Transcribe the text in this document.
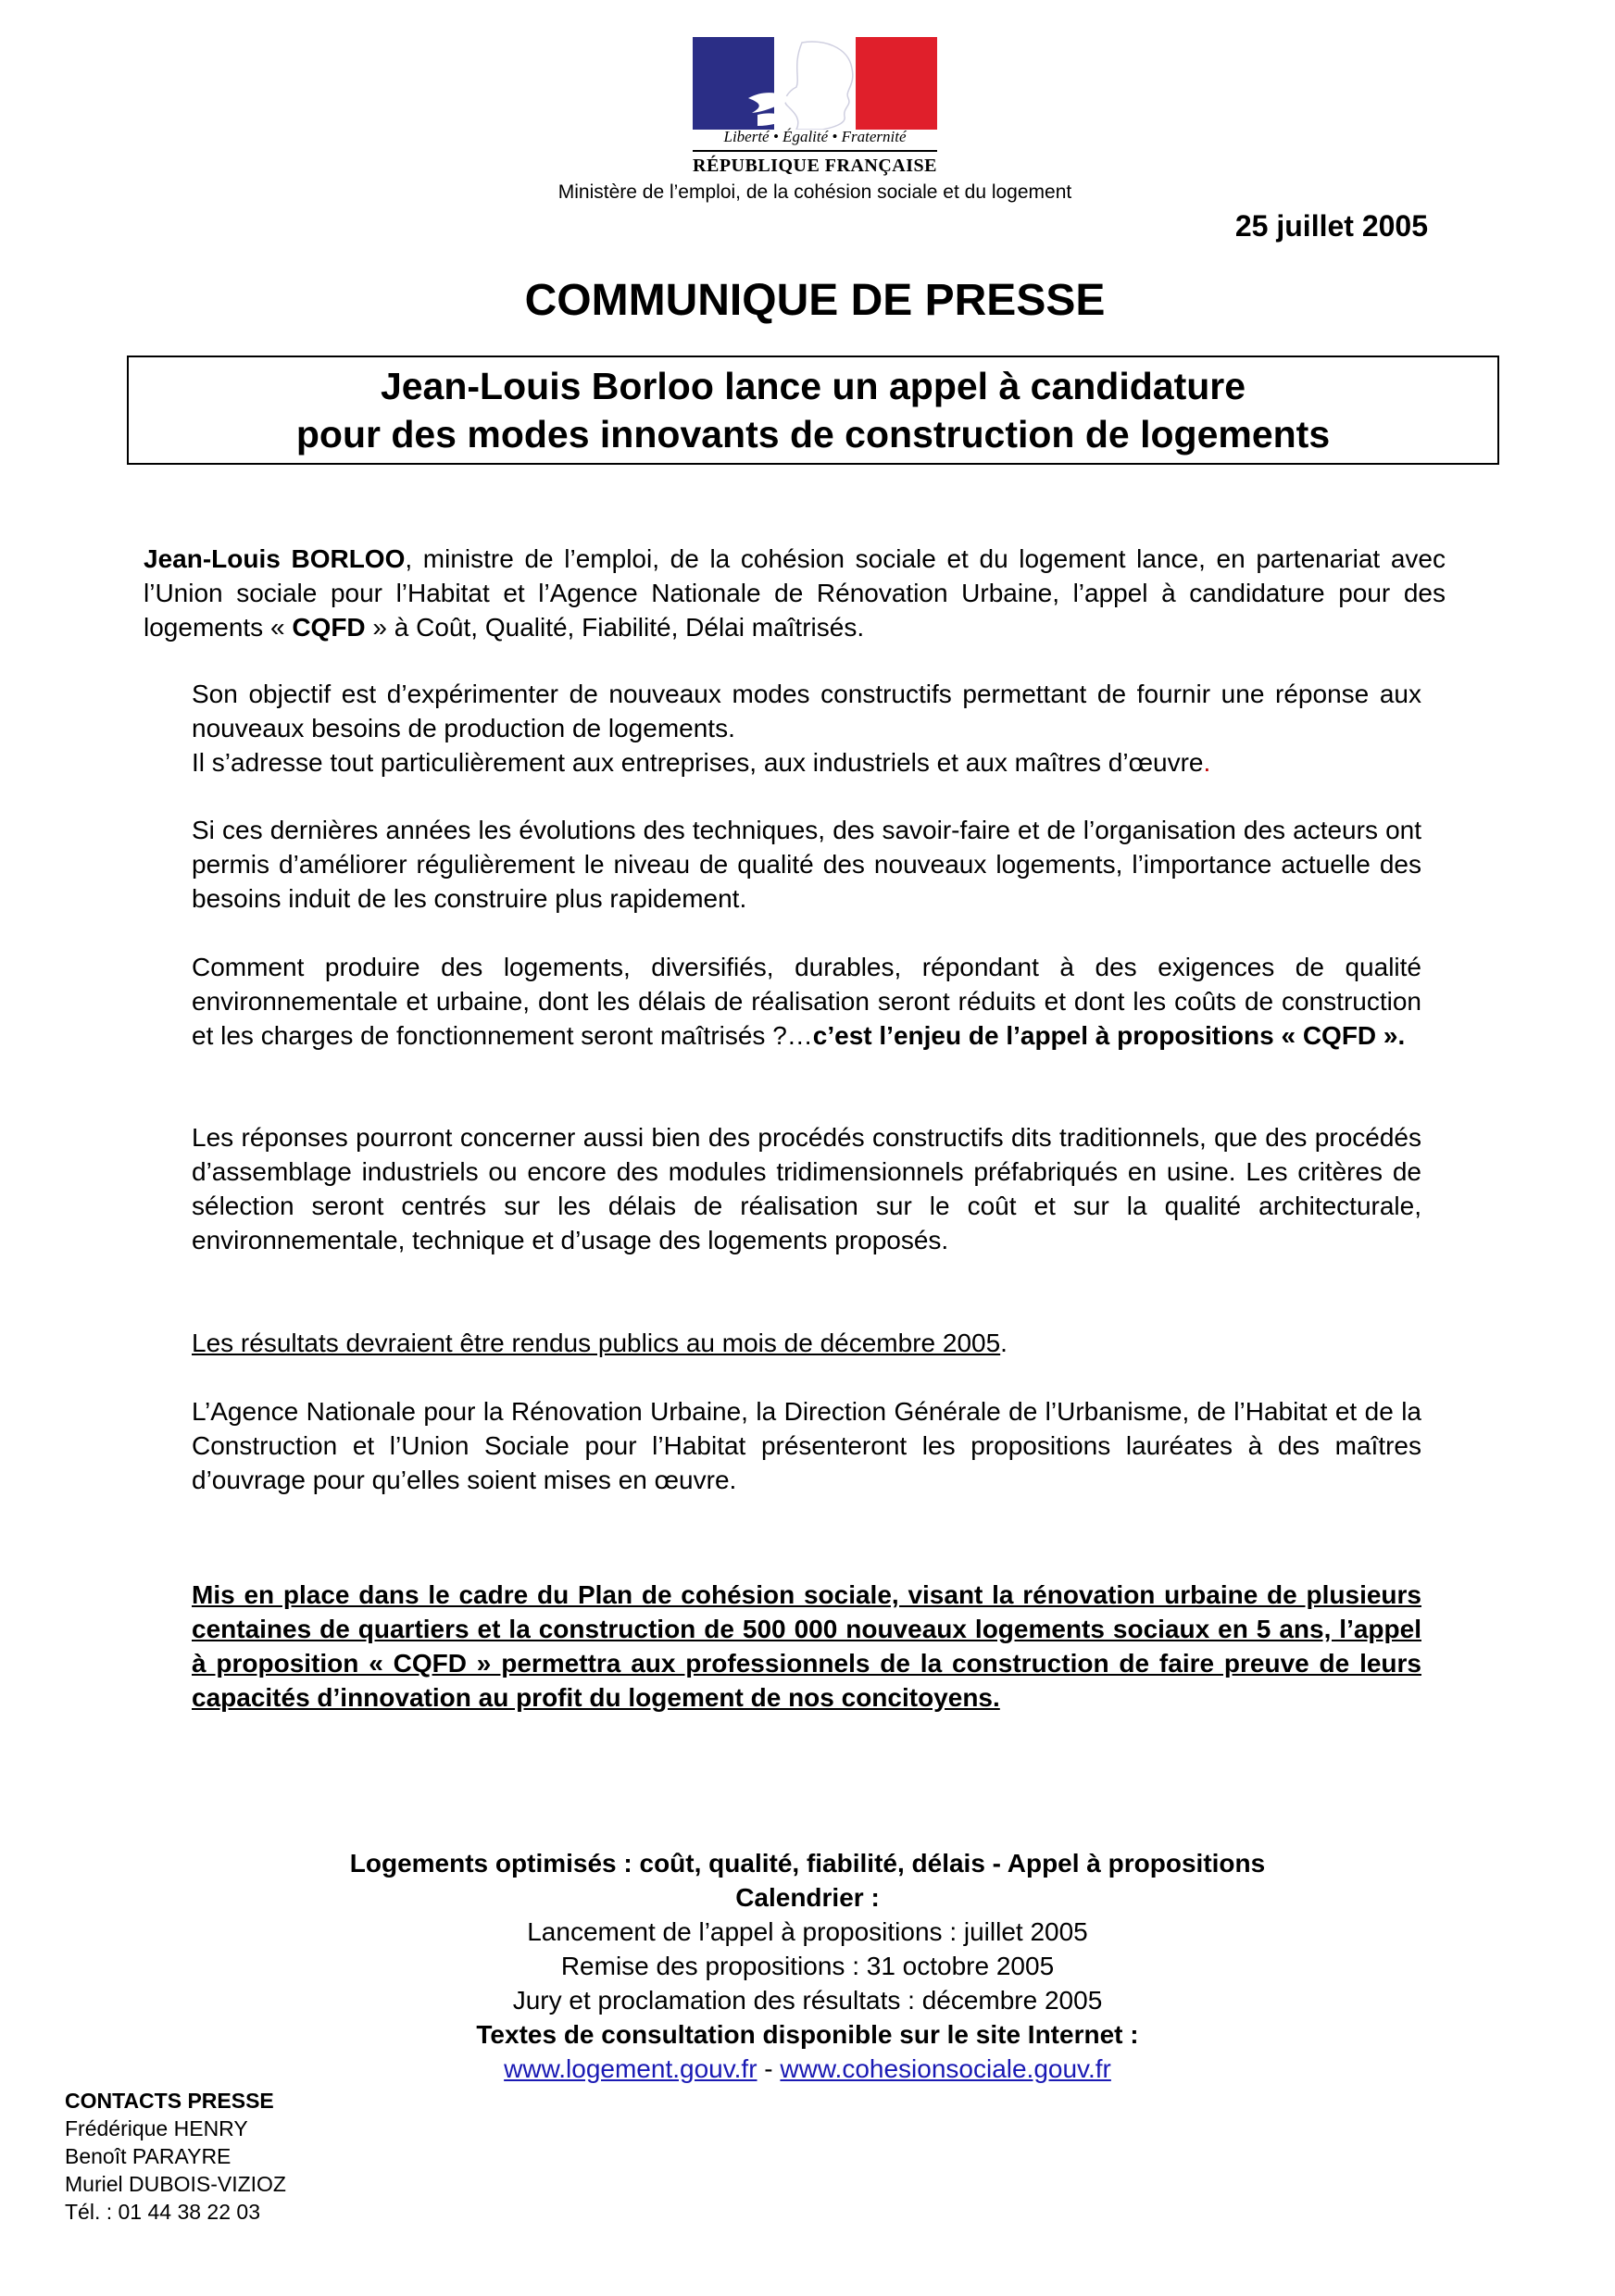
Liberté • Égalité • Fraternité
RÉPUBLIQUE FRANÇAISE
Ministère de l’emploi, de la cohésion sociale et du logement
25 juillet 2005
COMMUNIQUE DE PRESSE
Jean-Louis Borloo lance un appel à candidature
pour des modes innovants de construction de logements
Jean-Louis BORLOO, ministre de l’emploi, de la cohésion sociale et du logement lance, en partenariat avec l’Union sociale pour l’Habitat et l’Agence Nationale de Rénovation Urbaine, l’appel à candidature pour des logements « CQFD » à Coût, Qualité, Fiabilité, Délai maîtrisés.
Son objectif est d’expérimenter de nouveaux modes constructifs permettant de fournir une réponse aux nouveaux besoins de production de logements.
Il s’adresse tout particulièrement aux entreprises, aux industriels et aux maîtres d’œuvre.
Si ces dernières années les évolutions des techniques, des savoir-faire et de l’organisation des acteurs ont permis d’améliorer régulièrement le niveau de qualité des nouveaux logements, l’importance actuelle des besoins induit de les construire plus rapidement.
Comment produire des logements, diversifiés, durables, répondant à des exigences de qualité environnementale et urbaine, dont les délais de réalisation seront réduits et dont les coûts de construction et les charges de fonctionnement seront maîtrisés ?…c’est l’enjeu de l’appel à propositions « CQFD ».
Les réponses pourront concerner aussi bien des procédés constructifs dits traditionnels, que des procédés d’assemblage industriels ou encore des modules tridimensionnels préfabriqués en usine. Les critères de sélection seront centrés sur les délais de réalisation sur le coût et sur la qualité architecturale, environnementale, technique et d’usage des logements proposés.
Les résultats devraient être rendus publics au mois de décembre 2005.
L’Agence Nationale pour la Rénovation Urbaine, la Direction Générale de l’Urbanisme, de l’Habitat et de la Construction et l’Union Sociale pour l’Habitat présenteront les propositions lauréates à des maîtres d’ouvrage pour qu’elles soient mises en œuvre.
Mis en place dans le cadre du Plan de cohésion sociale, visant la rénovation urbaine de plusieurs centaines de quartiers et la construction de 500 000 nouveaux logements sociaux en 5 ans, l’appel à proposition « CQFD » permettra aux professionnels de la construction de faire preuve de leurs capacités d’innovation au profit du logement de nos concitoyens.
Logements optimisés : coût, qualité, fiabilité, délais - Appel à propositions
Calendrier :
Lancement de l’appel à propositions : juillet 2005
Remise des propositions : 31 octobre 2005
Jury et proclamation des résultats : décembre 2005
Textes de consultation disponible sur le site Internet :
www.logement.gouv.fr - www.cohesionsociale.gouv.fr
CONTACTS PRESSE
Frédérique HENRY
Benoît PARAYRE
Muriel DUBOIS-VIZIOZ
Tél. : 01 44 38 22 03
